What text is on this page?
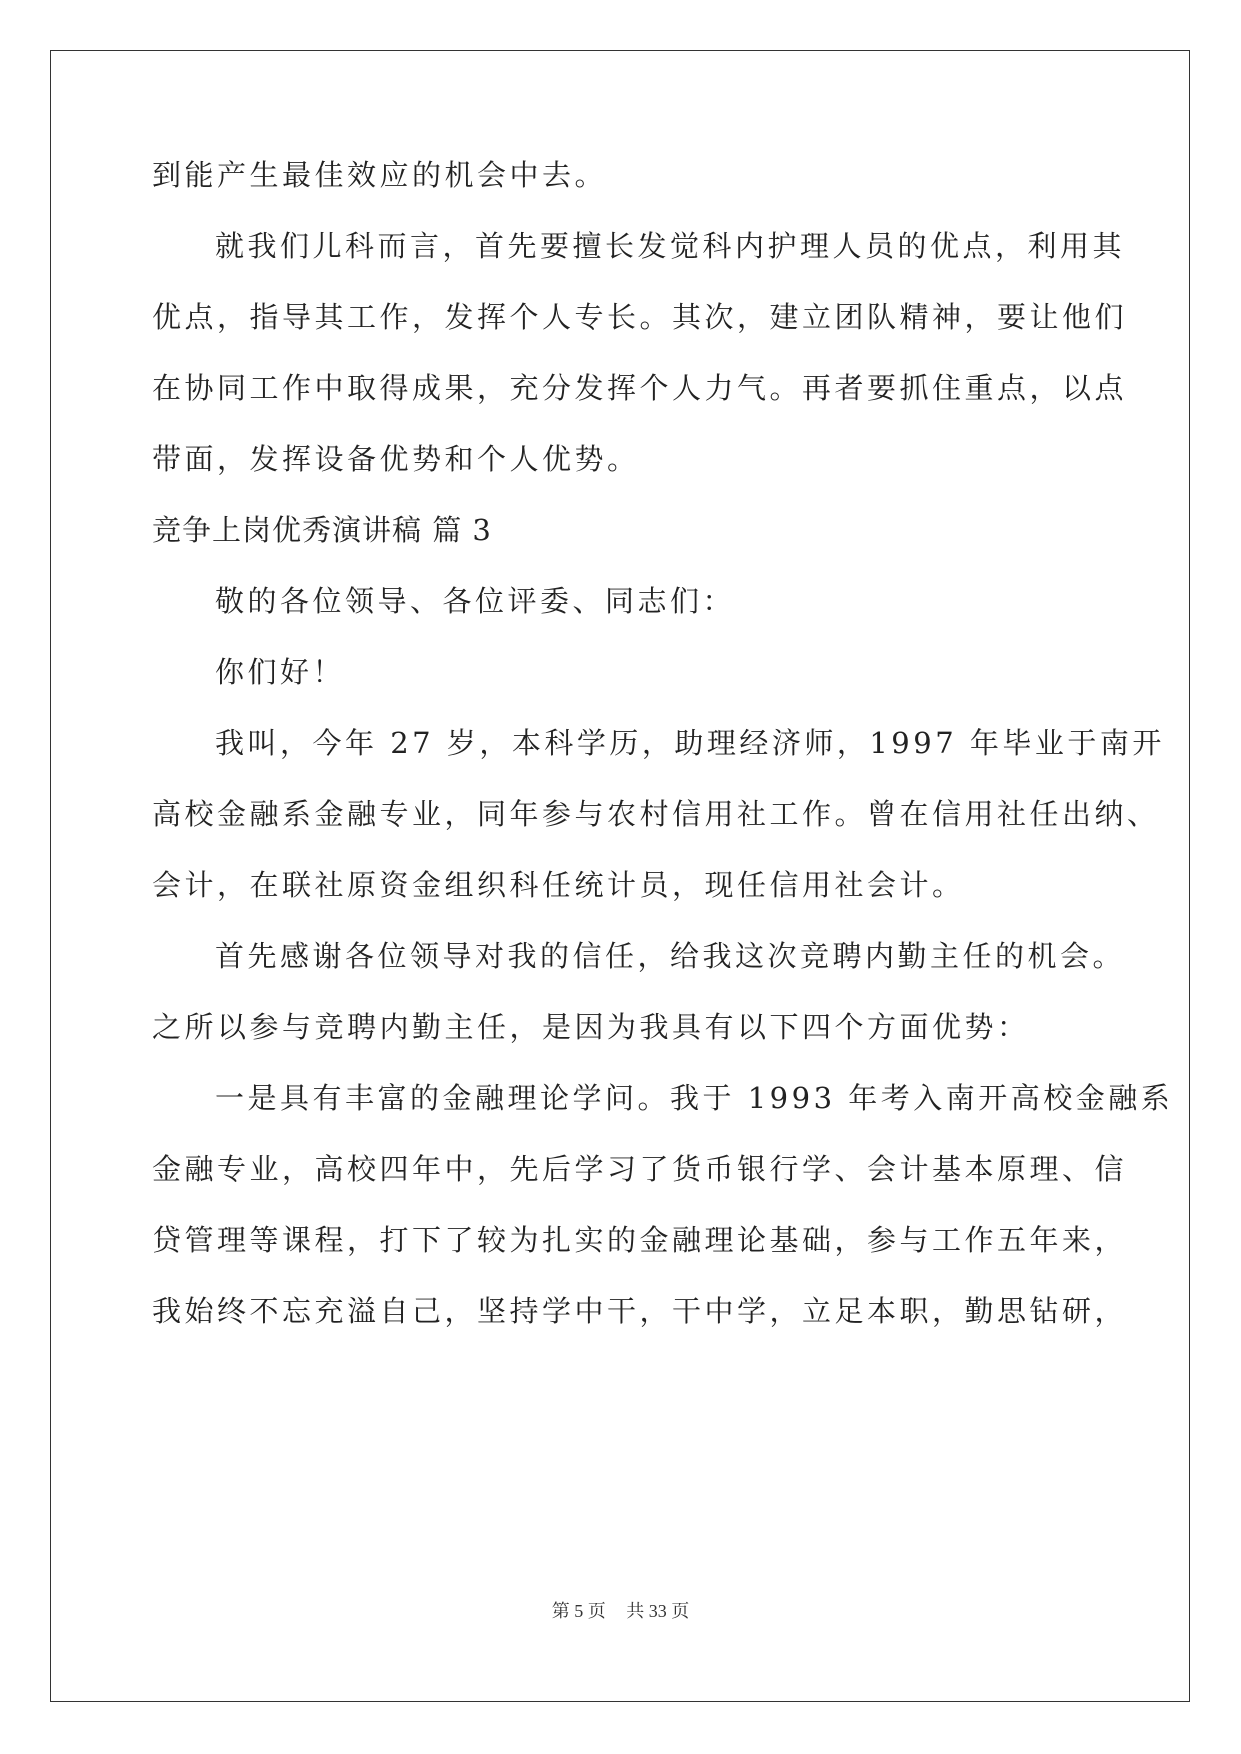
到能产生最佳效应的机会中去。
就我们儿科而言，首先要擅长发觉科内护理人员的优点，利用其
优点，指导其工作，发挥个人专长。其次，建立团队精神，要让他们
在协同工作中取得成果，充分发挥个人力气。再者要抓住重点，以点
带面，发挥设备优势和个人优势。
竞争上岗优秀演讲稿 篇 3
敬的各位领导、各位评委、同志们：
你们好！
我叫，今年 27 岁，本科学历，助理经济师，1997 年毕业于南开
高校金融系金融专业，同年参与农村信用社工作。曾在信用社任出纳、
会计，在联社原资金组织科任统计员，现任信用社会计。
首先感谢各位领导对我的信任，给我这次竞聘内勤主任的机会。
之所以参与竞聘内勤主任，是因为我具有以下四个方面优势：
一是具有丰富的金融理论学问。我于 1993 年考入南开高校金融系
金融专业，高校四年中，先后学习了货币银行学、会计基本原理、信
贷管理等课程，打下了较为扎实的金融理论基础，参与工作五年来，
我始终不忘充溢自己，坚持学中干，干中学，立足本职，勤思钻研，
第 5 页 共 33 页
